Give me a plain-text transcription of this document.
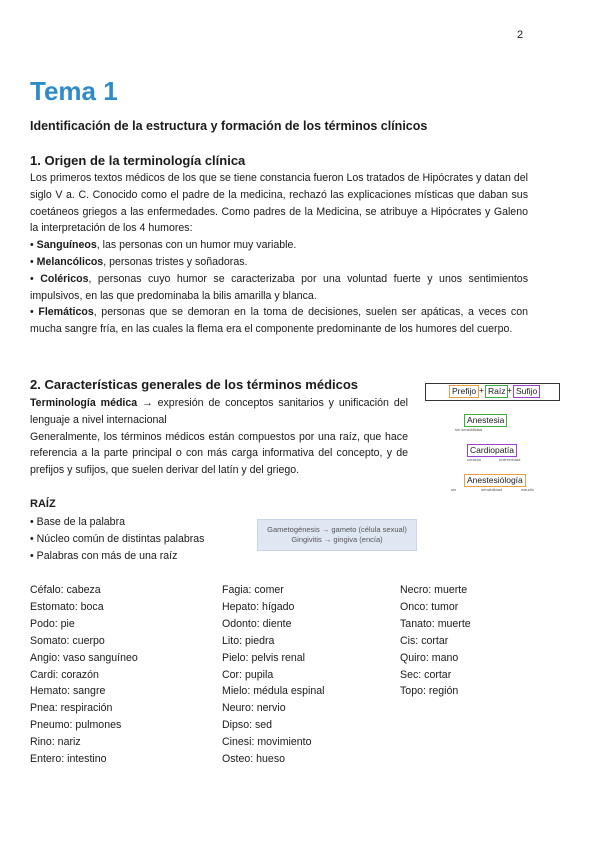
2
Tema 1
Identificación de la estructura y formación de los términos clínicos
1. Origen de la terminología clínica

Los primeros textos médicos de los que se tiene constancia fueron Los tratados de Hipócrates y datan del siglo V a. C. Conocido como el padre de la medicina, rechazó las explicaciones místicas que daban sus coetáneos griegos a las enfermedades. Como padres de la Medicina, se atribuye a Hipócrates y Galeno la interpretación de los 4 humores:

• Sanguíneos, las personas con un humor muy variable.

• Melancólicos, personas tristes y soñadoras.

• Coléricos, personas cuyo humor se caracterizaba por una voluntad fuerte y unos sentimientos impulsivos, en las que predominaba la bilis amarilla y blanca.

• Flemáticos, personas que se demoran en la toma de decisiones, suelen ser apáticas, a veces con mucha sangre fría, en las cuales la flema era el componente predominante de los humores del cuerpo.

2. Características generales de los términos médicos

Terminología médica → expresión de conceptos sanitarios y unificación del lenguaje a nivel internacional

Generalmente, los términos médicos están compuestos por una raíz, que hace referencia a la parte principal o con más carga informativa del concepto, y de prefijos y sufijos, que suelen derivar del latín y del griego.

Prefijo + Raíz + Sufijo
Anestesia
sin sensibilidad
Cardiopatía
corazón	enfermedad
Anestesiólogía
sin	sensibilidad	estudio
RAÍZ
• Base de la palabra
• Núcleo común de distintas palabras
• Palabras con más de una raíz
Gametogénesis → gameto (célula sexual)
Gingivitis → gingiva (encía)
Céfalo: cabeza
Estomato: boca
Podo: pie
Somato: cuerpo
Angio: vaso sanguíneo
Cardi: corazón
Hemato: sangre
Pnea: respiración
Pneumo: pulmones
Rino: nariz
Entero: intestino
Fagia: comer
Hepato: hígado
Odonto: diente
Lito: piedra
Pielo: pelvis renal
Cor: pupila
Mielo: médula espinal
Neuro: nervio
Dipso: sed
Cinesi: movimiento
Osteo: hueso
Necro: muerte
Onco: tumor
Tanato: muerte
Cis: cortar
Quiro: mano
Sec: cortar
Topo: región
